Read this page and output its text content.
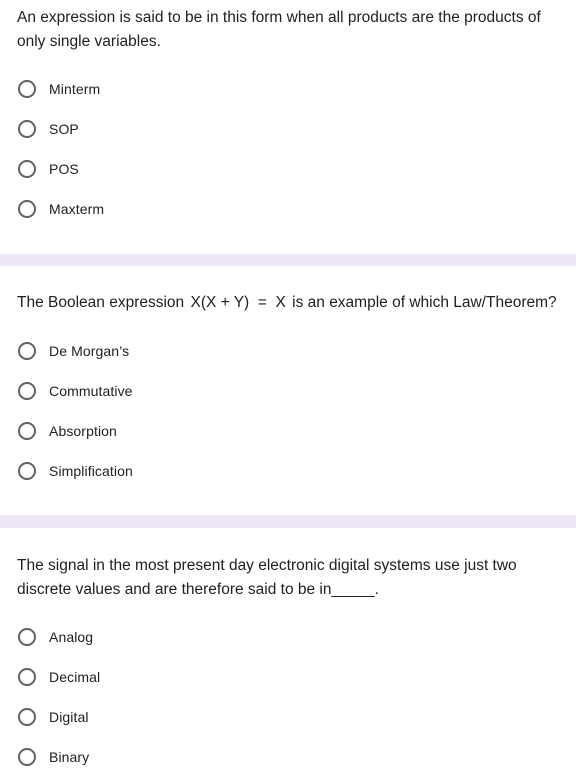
An expression is said to be in this form when all products are the products of
only single variables.
Minterm
SOP
POS
Maxterm
The Boolean expression X(X + Y)  =  X is an example of which Law/Theorem?
De Morgan’s
Commutative
Absorption
Simplification
The signal in the most present day electronic digital systems use just two
discrete values and are therefore said to be in_____.
Analog
Decimal
Digital
Binary
